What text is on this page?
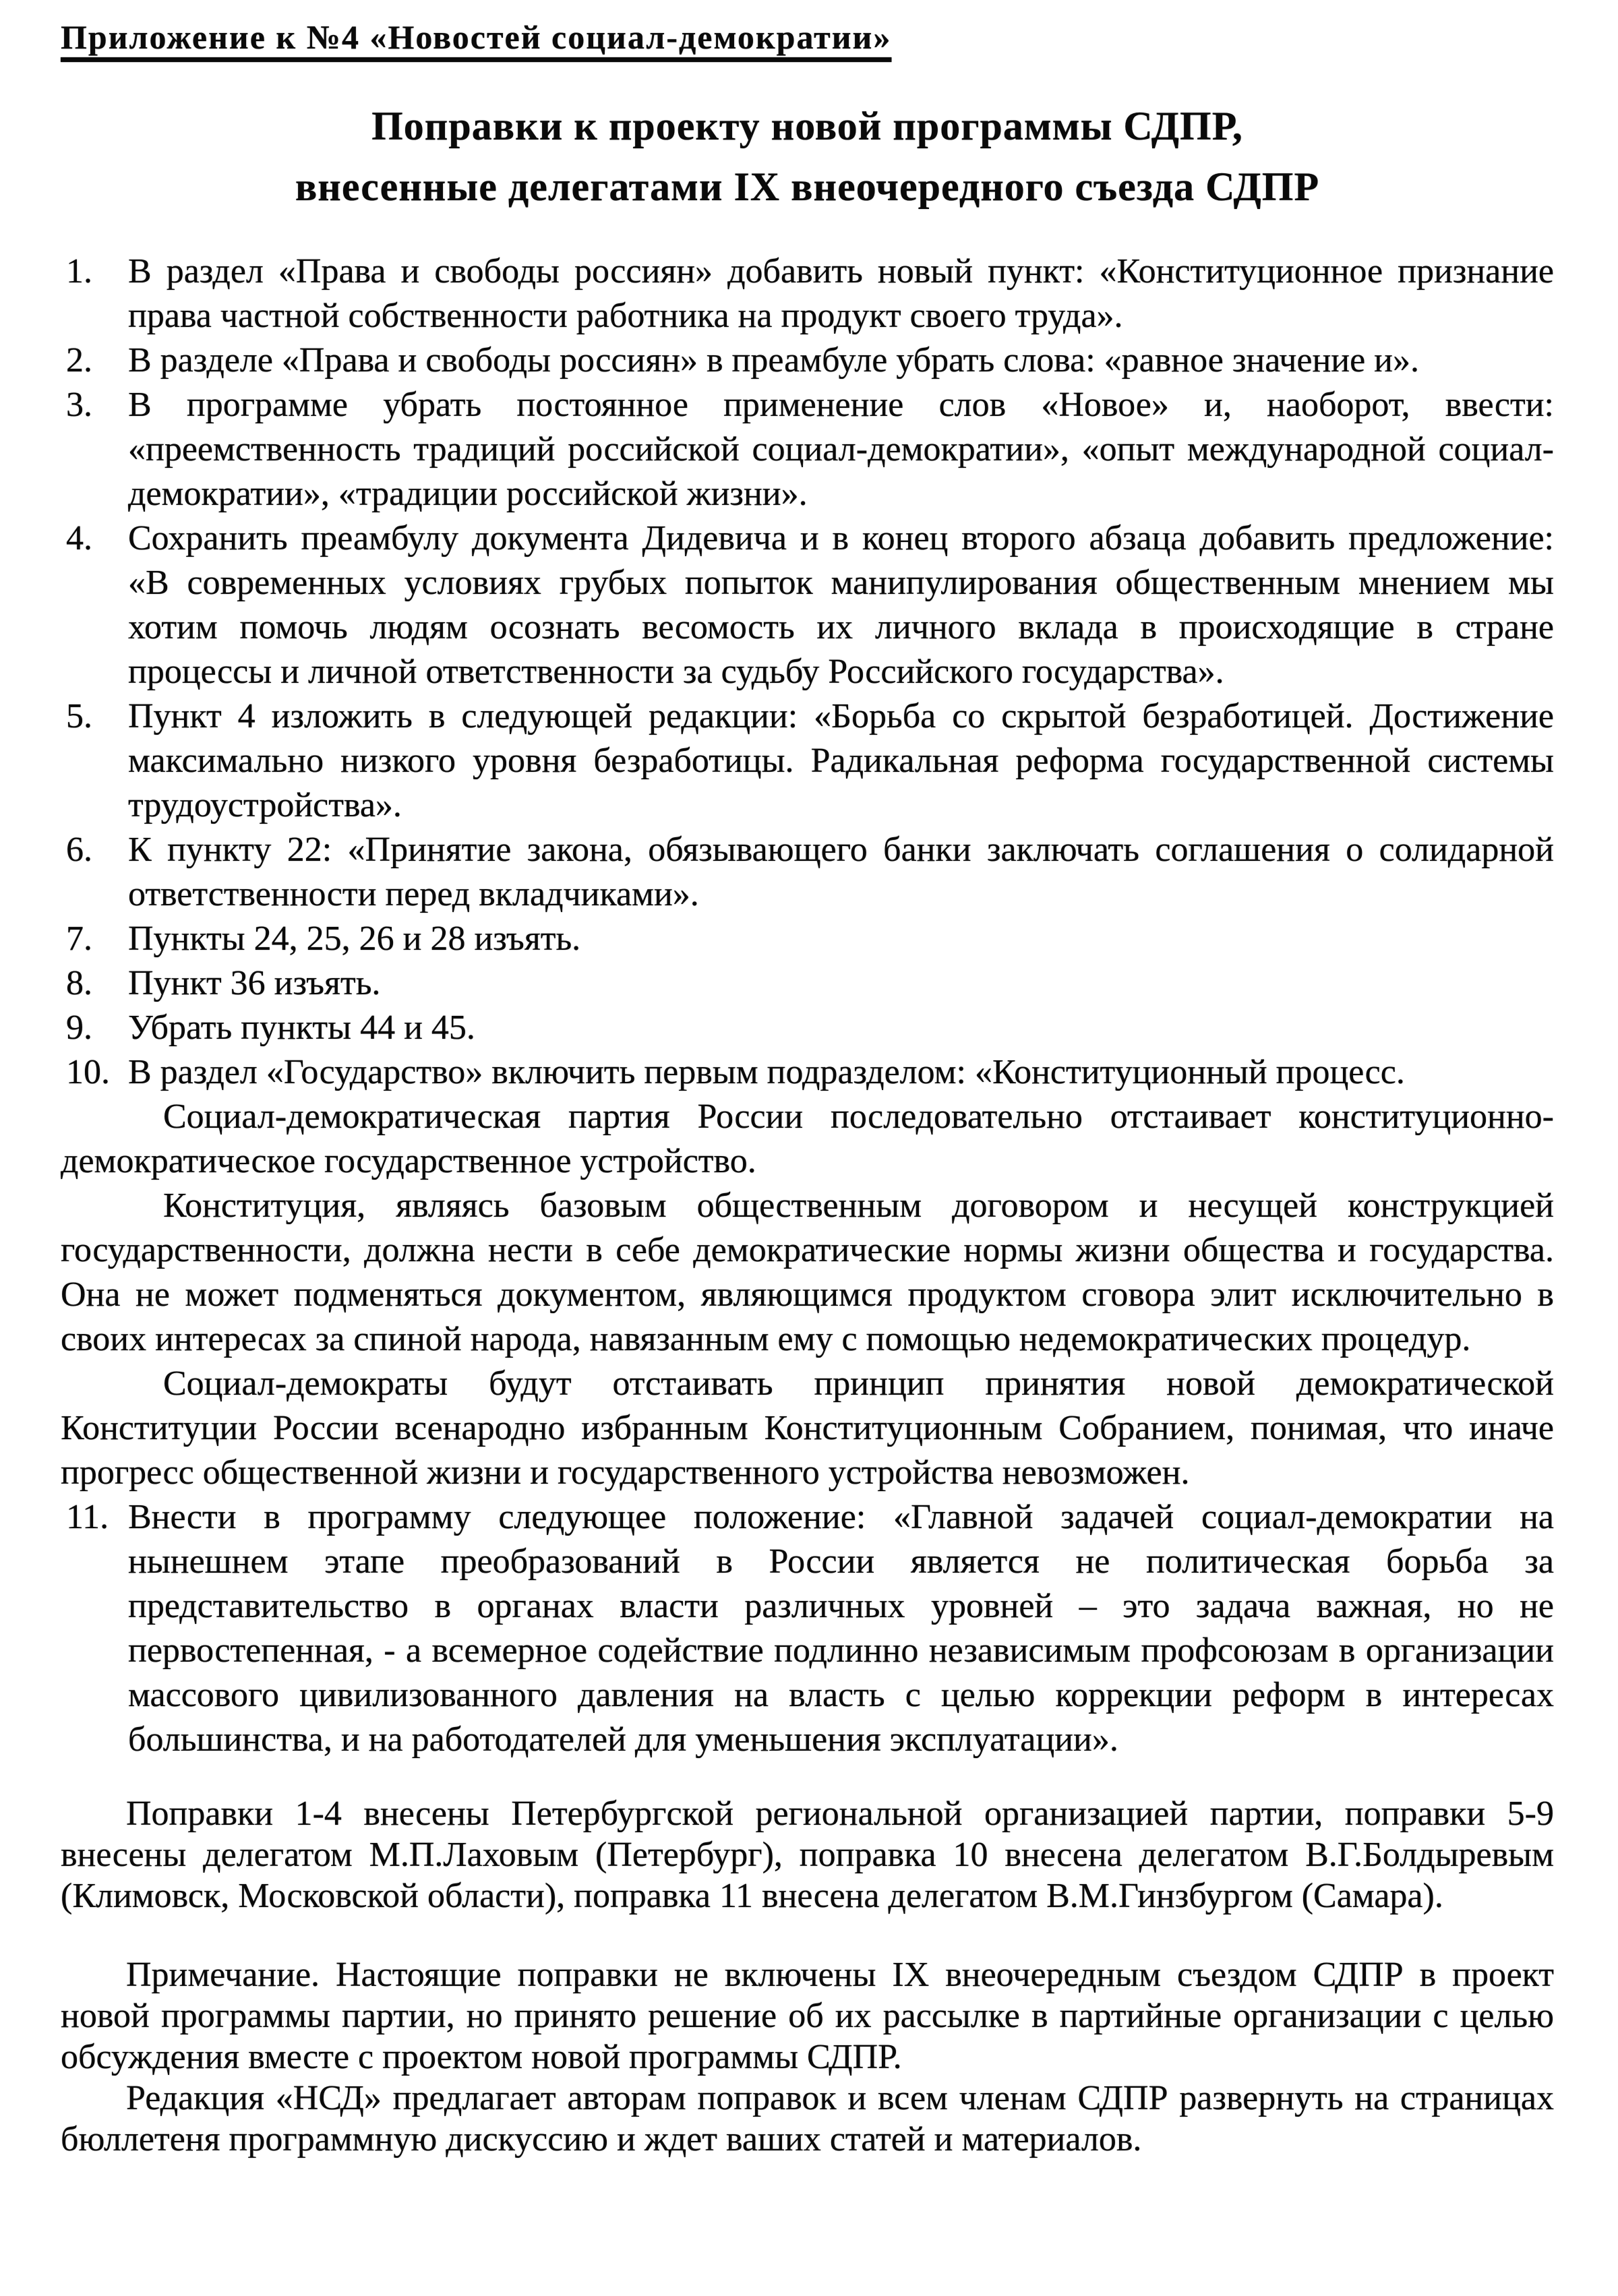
Приложение к №4 «Новостей социал-демократии»
Поправки к проекту новой программы СДПР,
внесенные делегатами IX внеочередного съезда СДПР
1. В раздел «Права и свободы россиян» добавить новый пункт: «Конституционное признание права частной собственности работника на продукт своего труда».
2. В разделе «Права и свободы россиян» в преамбуле убрать слова: «равное значение и».
3. В программе убрать постоянное применение слов «Новое» и, наоборот, ввести: «преемственность традиций российской социал-демократии», «опыт международной социал-демократии», «традиции российской жизни».
4. Сохранить преамбулу документа Дидевича и в конец второго абзаца добавить предложение: «В современных условиях грубых попыток манипулирования общественным мнением мы хотим помочь людям осознать весомость их личного вклада в происходящие в стране процессы и личной ответственности за судьбу Российского государства».
5. Пункт 4 изложить в следующей редакции: «Борьба со скрытой безработицей. Достижение максимально низкого уровня безработицы. Радикальная реформа государственной системы трудоустройства».
6. К пункту 22: «Принятие закона, обязывающего банки заключать соглашения о солидарной ответственности перед вкладчиками».
7. Пункты 24, 25, 26 и 28 изъять.
8. Пункт 36 изъять.
9. Убрать пункты 44 и 45.
10. В раздел «Государство» включить первым подразделом: «Конституционный процесс.

Социал-демократическая партия России последовательно отстаивает конституционно-демократическое государственное устройство.

Конституция, являясь базовым общественным договором и несущей конструкцией государственности, должна нести в себе демократические нормы жизни общества и государства. Она не может подменяться документом, являющимся продуктом сговора элит исключительно в своих интересах за спиной народа, навязанным ему с помощью недемократических процедур.

Социал-демократы будут отстаивать принцип принятия новой демократической Конституции России всенародно избранным Конституционным Собранием, понимая, что иначе прогресс общественной жизни и государственного устройства невозможен.

11. Внести в программу следующее положение: «Главной задачей социал-демократии на нынешнем этапе преобразований в России является не политическая борьба за представительство в органах власти различных уровней – это задача важная, но не первостепенная, - а всемерное содействие подлинно независимым профсоюзам в организации массового цивилизованного давления на власть с целью коррекции реформ в интересах большинства, и на работодателей для уменьшения эксплуатации».

Поправки 1-4 внесены Петербургской региональной организацией партии, поправки 5-9 внесены делегатом М.П.Лаховым (Петербург), поправка 10 внесена делегатом В.Г.Болдыревым (Климовск, Московской области), поправка 11 внесена делегатом В.М.Гинзбургом (Самара).

Примечание. Настоящие поправки не включены IX внеочередным съездом СДПР в проект новой программы партии, но принято решение об их рассылке в партийные организации с целью обсуждения вместе с проектом новой программы СДПР.

Редакция «НСД» предлагает авторам поправок и всем членам СДПР развернуть на страницах бюллетеня программную дискуссию и ждет ваших статей и материалов.
